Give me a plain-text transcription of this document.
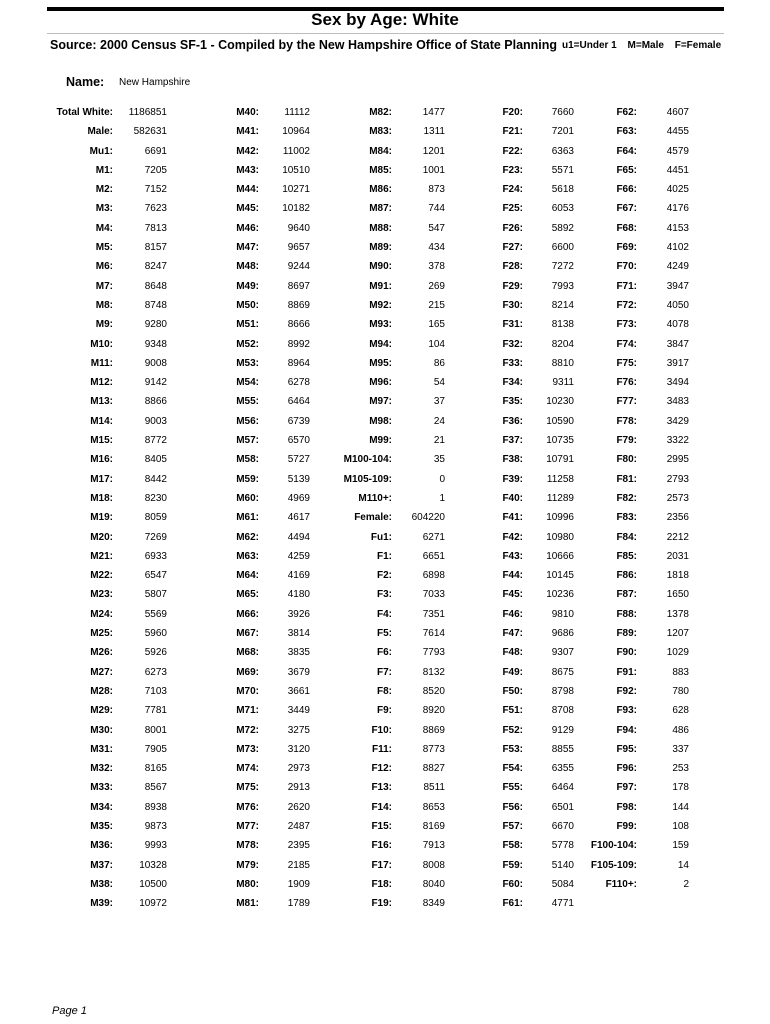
Sex by Age: White
Source: 2000 Census SF-1 - Compiled by the New Hampshire Office of State Planning u1=Under 1 M=Male F=Female
Name: New Hampshire
Total White: 1186851
Male: 582631
Mu1:	6691
M1:	7205
M2:	7152
M3:	7623
M4:	7813
M5:	8157
M6:	8247
M7:	8648
M8:	8748
M9:	9280
M10:	9348
M11:	9008
M12:	9142
M13:	8866
M14:	9003
M15:	8772
M16:	8405
M17:	8442
M18:	8230
M19:	8059
M20:	7269
M21:	6933
M22:	6547
M23:	5807
M24:	5569
M25:	5960
M26:	5926
M27:	6273
M28:	7103
M29:	7781
M30:	8001
M31:	7905
M32:	8165
M33:	8567
M34:	8938
M35:	9873
M36:	9993
M37:	10328
M38:	10500
M39:	10972
M40:	11112
M41: 10964
M42: 11002
M43: 10510
M44: 10271
M45: 10182
M46:	9640
M47:	9657
M48:	9244
M49:	8697
M50:	8869
M51:	8666
M52:	8992
M53:	8964
M54:	6278
M55:	6464
M56:	6739
M57:	6570
M58:	5727
M59:	5139
M60:	4969
M61:	4617
M62:	4494
M63:	4259
M64:	4169
M65:	4180
M66:	3926
M67:	3814
M68:	3835
M69:	3679
M70:	3661
M71:	3449
M72:	3275
M73:	3120
M74:	2973
M75:	2913
M76:	2620
M77:	2487
M78:	2395
M79:	2185
M80:	1909
M81:	1789
M82:	1477
M83:	1311
M84:	1201
M85:	1001
M86:	873
M87:	744
M88:	547
M89:	434
M90:	378
M91:	269
M92:	215
M93:	165
M94:	104
M95:	86
M96:	54
M97:	37
M98:	24
M99:	21
M100-104:	35
M105-109:	0
M110+:	1
Female: 604220
Fu1:	6271
F1:	6651
F2:	6898
F3:	7033
F4:	7351
F5:	7614
F6:	7793
F7:	8132
F8:	8520
F9:	8920
F10:	8869
F11:	8773
F12:	8827
F13:	8511
F14:	8653
F15:	8169
F16:	7913
F17:	8008
F18:	8040
F19:	8349
F20:	7660
F21:	7201
F22:	6363
F23:	5571
F24:	5618
F25:	6053
F26:	5892
F27:	6600
F28:	7272
F29:	7993
F30:	8214
F31:	8138
F32:	8204
F33:	8810
F34:	9311
F35: 10230
F36: 10590
F37: 10735
F38: 10791
F39: 11258
F40: 11289
F41: 10996
F42: 10980
F43: 10666
F44: 10145
F45: 10236
F46:	9810
F47:	9686
F48:	9307
F49:	8675
F50:	8798
F51:	8708
F52:	9129
F53:	8855
F54:	6355
F55:	6464
F56:	6501
F57:	6670
F58:	5778
F59:	5140
F60:	5084
F61:	4771
F62:	4607
F63:	4455
F64:	4579
F65:	4451
F66:	4025
F67:	4176
F68:	4153
F69:	4102
F70:	4249
F71:	3947
F72:	4050
F73:	4078
F74:	3847
F75:	3917
F76:	3494
F77:	3483
F78:	3429
F79:	3322
F80:	2995
F81:	2793
F82:	2573
F83:	2356
F84:	2212
F85:	2031
F86:	1818
F87:	1650
F88:	1378
F89:	1207
F90:	1029
F91:	883
F92:	780
F93:	628
F94:	486
F95:	337
F96:	253
F97:	178
F98:	144
F99:	108
F100-104:	159
F105-109:	14
F110+:	2
Page 1
